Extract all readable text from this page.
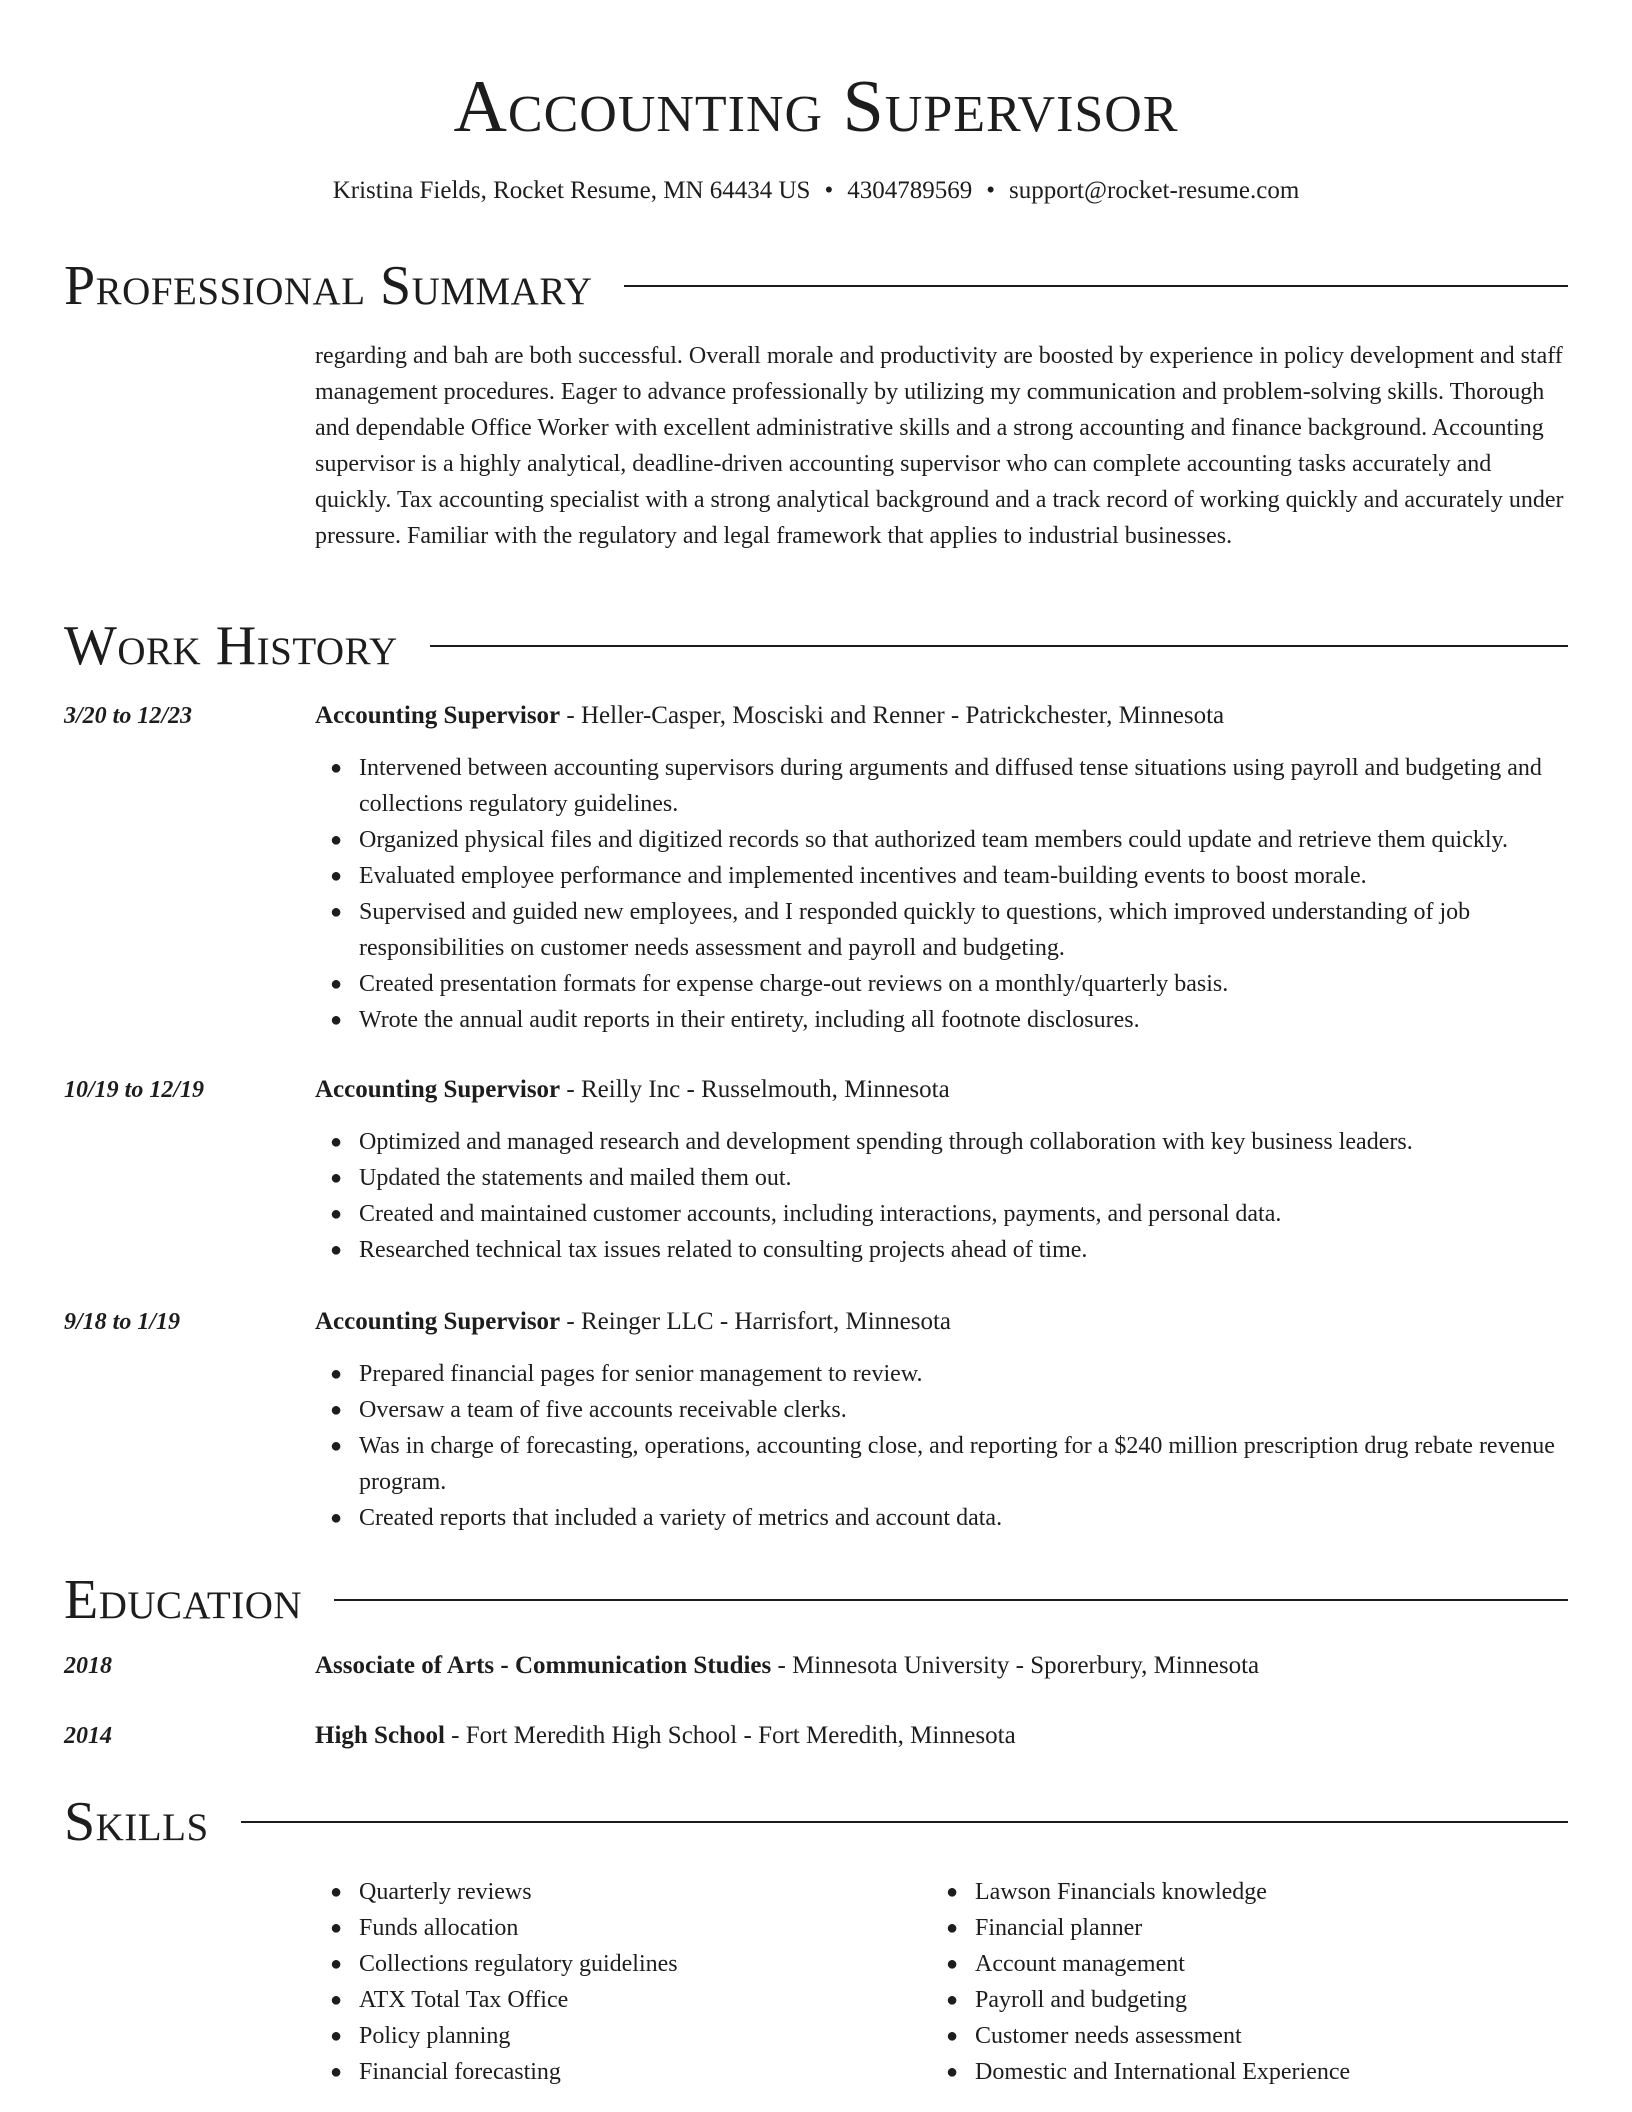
Accounting Supervisor
Kristina Fields, Rocket Resume, MN 64434 US • 4304789569 • support@rocket-resume.com
Professional Summary

regarding and bah are both successful. Overall morale and productivity are boosted by experience in policy development and staff management procedures. Eager to advance professionally by utilizing my communication and problem-solving skills. Thorough and dependable Office Worker with excellent administrative skills and a strong accounting and finance background. Accounting supervisor is a highly analytical, deadline-driven accounting supervisor who can complete accounting tasks accurately and quickly. Tax accounting specialist with a strong analytical background and a track record of working quickly and accurately under pressure. Familiar with the regulatory and legal framework that applies to industrial businesses.

Work History
3/20 to 12/23	Accounting Supervisor - Heller-Casper, Mosciski and Renner - Patrickchester, Minnesota
● Intervened between accounting supervisors during arguments and diffused tense situations using payroll and budgeting and collections regulatory guidelines.
● Organized physical files and digitized records so that authorized team members could update and retrieve them quickly.
● Evaluated employee performance and implemented incentives and team-building events to boost morale.
● Supervised and guided new employees, and I responded quickly to questions, which improved understanding of job responsibilities on customer needs assessment and payroll and budgeting.
● Created presentation formats for expense charge-out reviews on a monthly/quarterly basis.
● Wrote the annual audit reports in their entirety, including all footnote disclosures.
10/19 to 12/19	Accounting Supervisor - Reilly Inc - Russelmouth, Minnesota
● Optimized and managed research and development spending through collaboration with key business leaders.
● Updated the statements and mailed them out.
● Created and maintained customer accounts, including interactions, payments, and personal data.
● Researched technical tax issues related to consulting projects ahead of time.
9/18 to 1/19	Accounting Supervisor - Reinger LLC - Harrisfort, Minnesota
● Prepared financial pages for senior management to review.
● Oversaw a team of five accounts receivable clerks.
● Was in charge of forecasting, operations, accounting close, and reporting for a $240 million prescription drug rebate revenue program.
● Created reports that included a variety of metrics and account data.
Education
2018	Associate of Arts - Communication Studies - Minnesota University - Sporerbury, Minnesota
2014	High School - Fort Meredith High School - Fort Meredith, Minnesota
Skills
● Quarterly reviews
● Funds allocation
● Collections regulatory guidelines
● ATX Total Tax Office
● Policy planning
● Financial forecasting
● Lawson Financials knowledge
● Financial planner
● Account management
● Payroll and budgeting
● Customer needs assessment
● Domestic and International Experience
